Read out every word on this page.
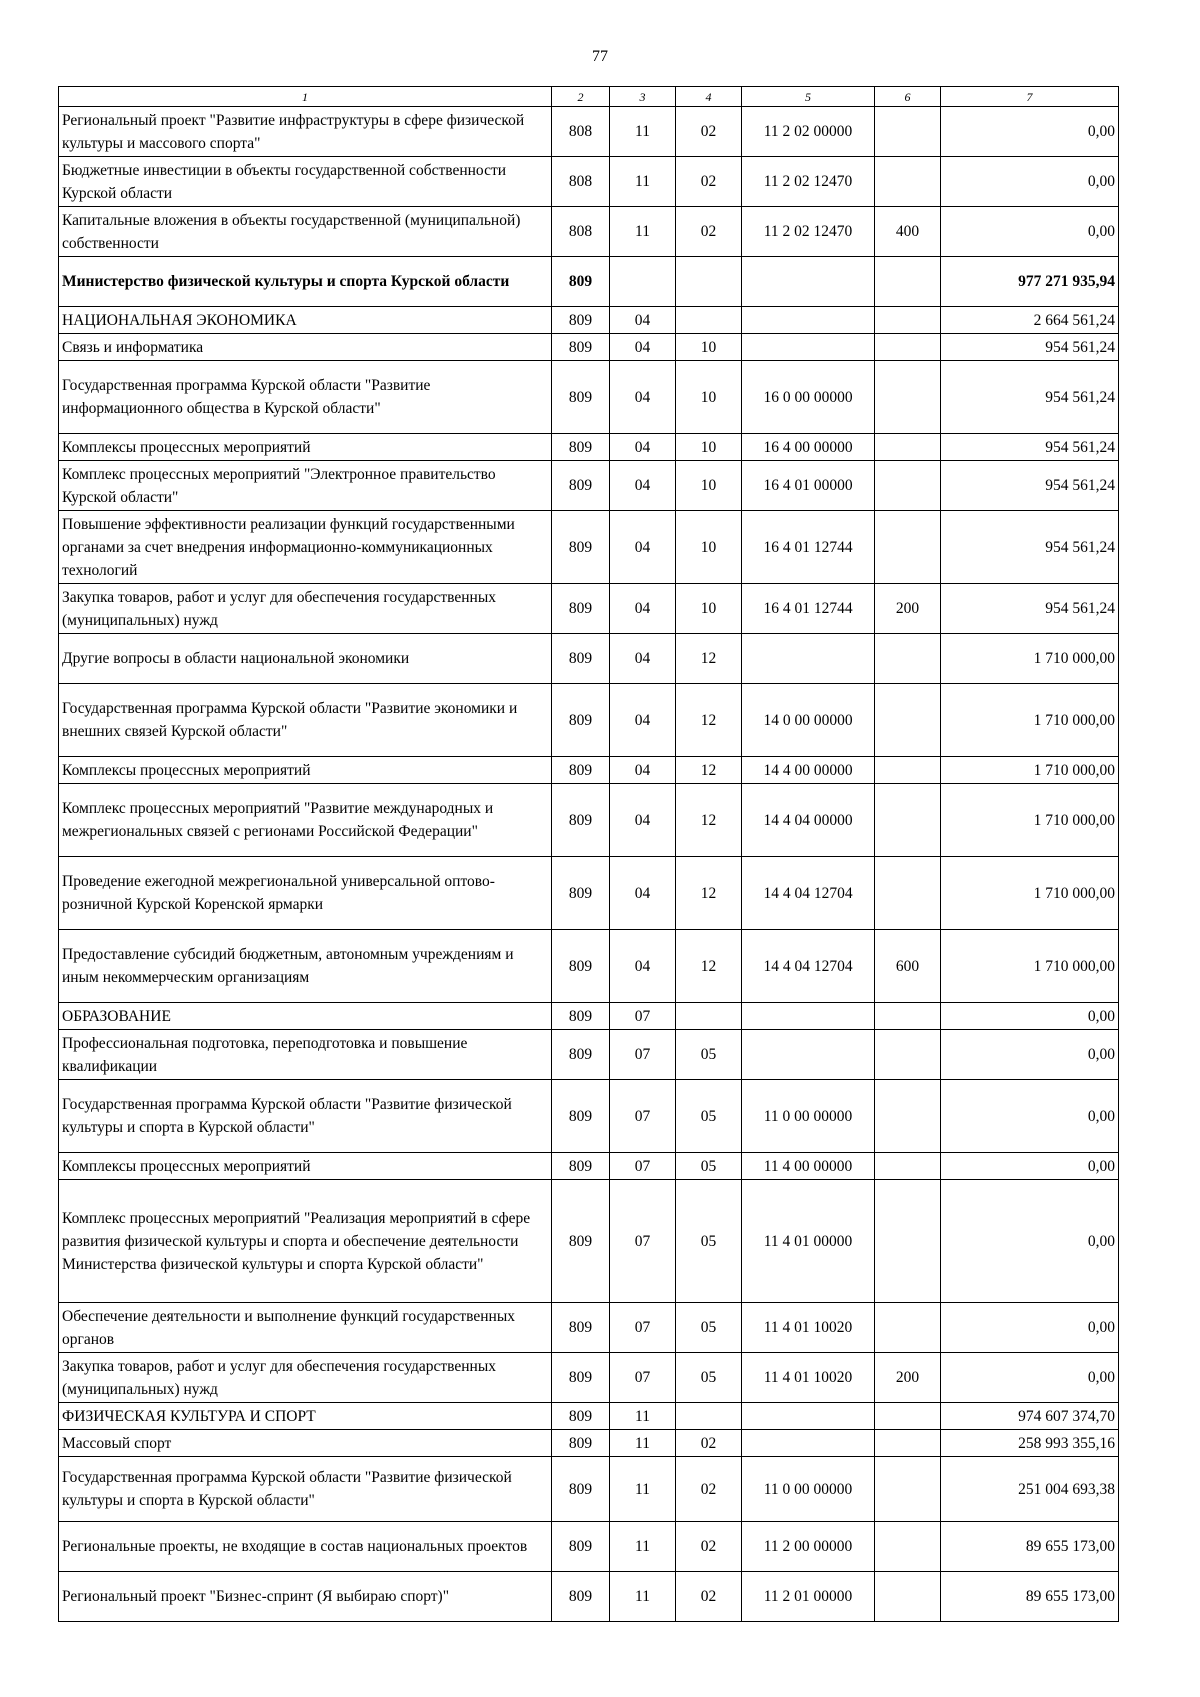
77
1	2	3	4	5	6	7
Региональный проект "Развитие инфраструктуры в сфере физической культуры и массового спорта"	808	11	02	11 2 02 00000		0,00
Бюджетные инвестиции в объекты государственной собственности Курской области	808	11	02	11 2 02 12470		0,00
Капитальные вложения в объекты государственной (муниципальной) собственности	808	11	02	11 2 02 12470	400	0,00
Министерство физической культуры и спорта Курской области	809					977 271 935,94
НАЦИОНАЛЬНАЯ ЭКОНОМИКА	809	04				2 664 561,24
Связь и информатика	809	04	10			954 561,24
Государственная программа Курской области "Развитие информационного общества в Курской области"	809	04	10	16 0 00 00000		954 561,24
Комплексы процессных мероприятий	809	04	10	16 4 00 00000		954 561,24
Комплекс процессных мероприятий "Электронное правительство Курской области"	809	04	10	16 4 01 00000		954 561,24
Повышение эффективности реализации функций государственными органами за счет внедрения информационно-коммуникационных технологий	809	04	10	16 4 01 12744		954 561,24
Закупка товаров, работ и услуг для обеспечения государственных (муниципальных) нужд	809	04	10	16 4 01 12744	200	954 561,24
Другие вопросы в области национальной экономики	809	04	12			1 710 000,00
Государственная программа Курской области "Развитие экономики и внешних связей Курской области"	809	04	12	14 0 00 00000		1 710 000,00
Комплексы процессных мероприятий	809	04	12	14 4 00 00000		1 710 000,00
Комплекс процессных мероприятий "Развитие международных и межрегиональных связей с регионами Российской Федерации"	809	04	12	14 4 04 00000		1 710 000,00
Проведение ежегодной межрегиональной универсальной оптово-розничной Курской Коренской ярмарки	809	04	12	14 4 04 12704		1 710 000,00
Предоставление субсидий бюджетным, автономным учреждениям и иным некоммерческим организациям	809	04	12	14 4 04 12704	600	1 710 000,00
ОБРАЗОВАНИЕ	809	07				0,00
Профессиональная подготовка, переподготовка и повышение квалификации	809	07	05			0,00
Государственная программа Курской области "Развитие физической культуры и спорта в Курской области"	809	07	05	11 0 00 00000		0,00
Комплексы процессных мероприятий	809	07	05	11 4 00 00000		0,00
Комплекс процессных мероприятий "Реализация мероприятий в сфере развития физической культуры и спорта и обеспечение деятельности Министерства физической культуры и спорта Курской области"	809	07	05	11 4 01 00000		0,00
Обеспечение деятельности и выполнение функций государственных органов	809	07	05	11 4 01 10020		0,00
Закупка товаров, работ и услуг для обеспечения государственных (муниципальных) нужд	809	07	05	11 4 01 10020	200	0,00
ФИЗИЧЕСКАЯ КУЛЬТУРА И СПОРТ	809	11				974 607 374,70
Массовый спорт	809	11	02			258 993 355,16
Государственная программа Курской области "Развитие физической культуры и спорта в Курской области"	809	11	02	11 0 00 00000		251 004 693,38
Региональные проекты, не входящие в состав национальных проектов	809	11	02	11 2 00 00000		89 655 173,00
Региональный проект "Бизнес-спринт (Я выбираю спорт)"	809	11	02	11 2 01 00000		89 655 173,00
